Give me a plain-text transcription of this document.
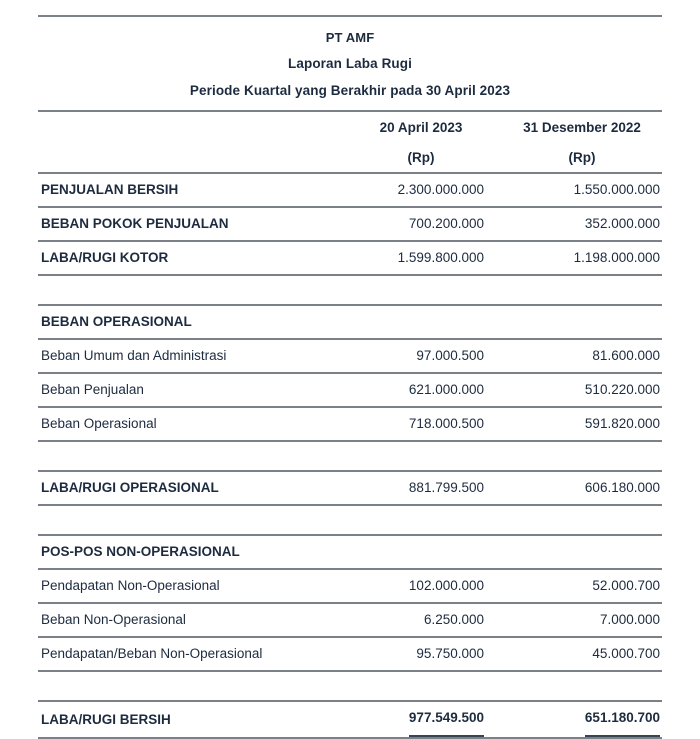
PT AMF
Laporan Laba Rugi
Periode Kuartal yang Berakhir pada 30 April 2023
	20 April 2023	31 Desember 2022
	(Rp)	(Rp)
PENJUALAN BERSIH	2.300.000.000	1.550.000.000
BEBAN POKOK PENJUALAN	700.200.000	352.000.000
LABA/RUGI KOTOR	1.599.800.000	1.198.000.000

BEBAN OPERASIONAL		
Beban Umum dan Administrasi	97.000.500	81.600.000
Beban Penjualan	621.000.000	510.220.000
Beban Operasional	718.000.500	591.820.000

LABA/RUGI OPERASIONAL	881.799.500	606.180.000

POS-POS NON-OPERASIONAL		
Pendapatan Non-Operasional	102.000.000	52.000.700
Beban Non-Operasional	6.250.000	7.000.000
Pendapatan/Beban Non-Operasional	95.750.000	45.000.700

LABA/RUGI BERSIH	977.549.500	651.180.700
